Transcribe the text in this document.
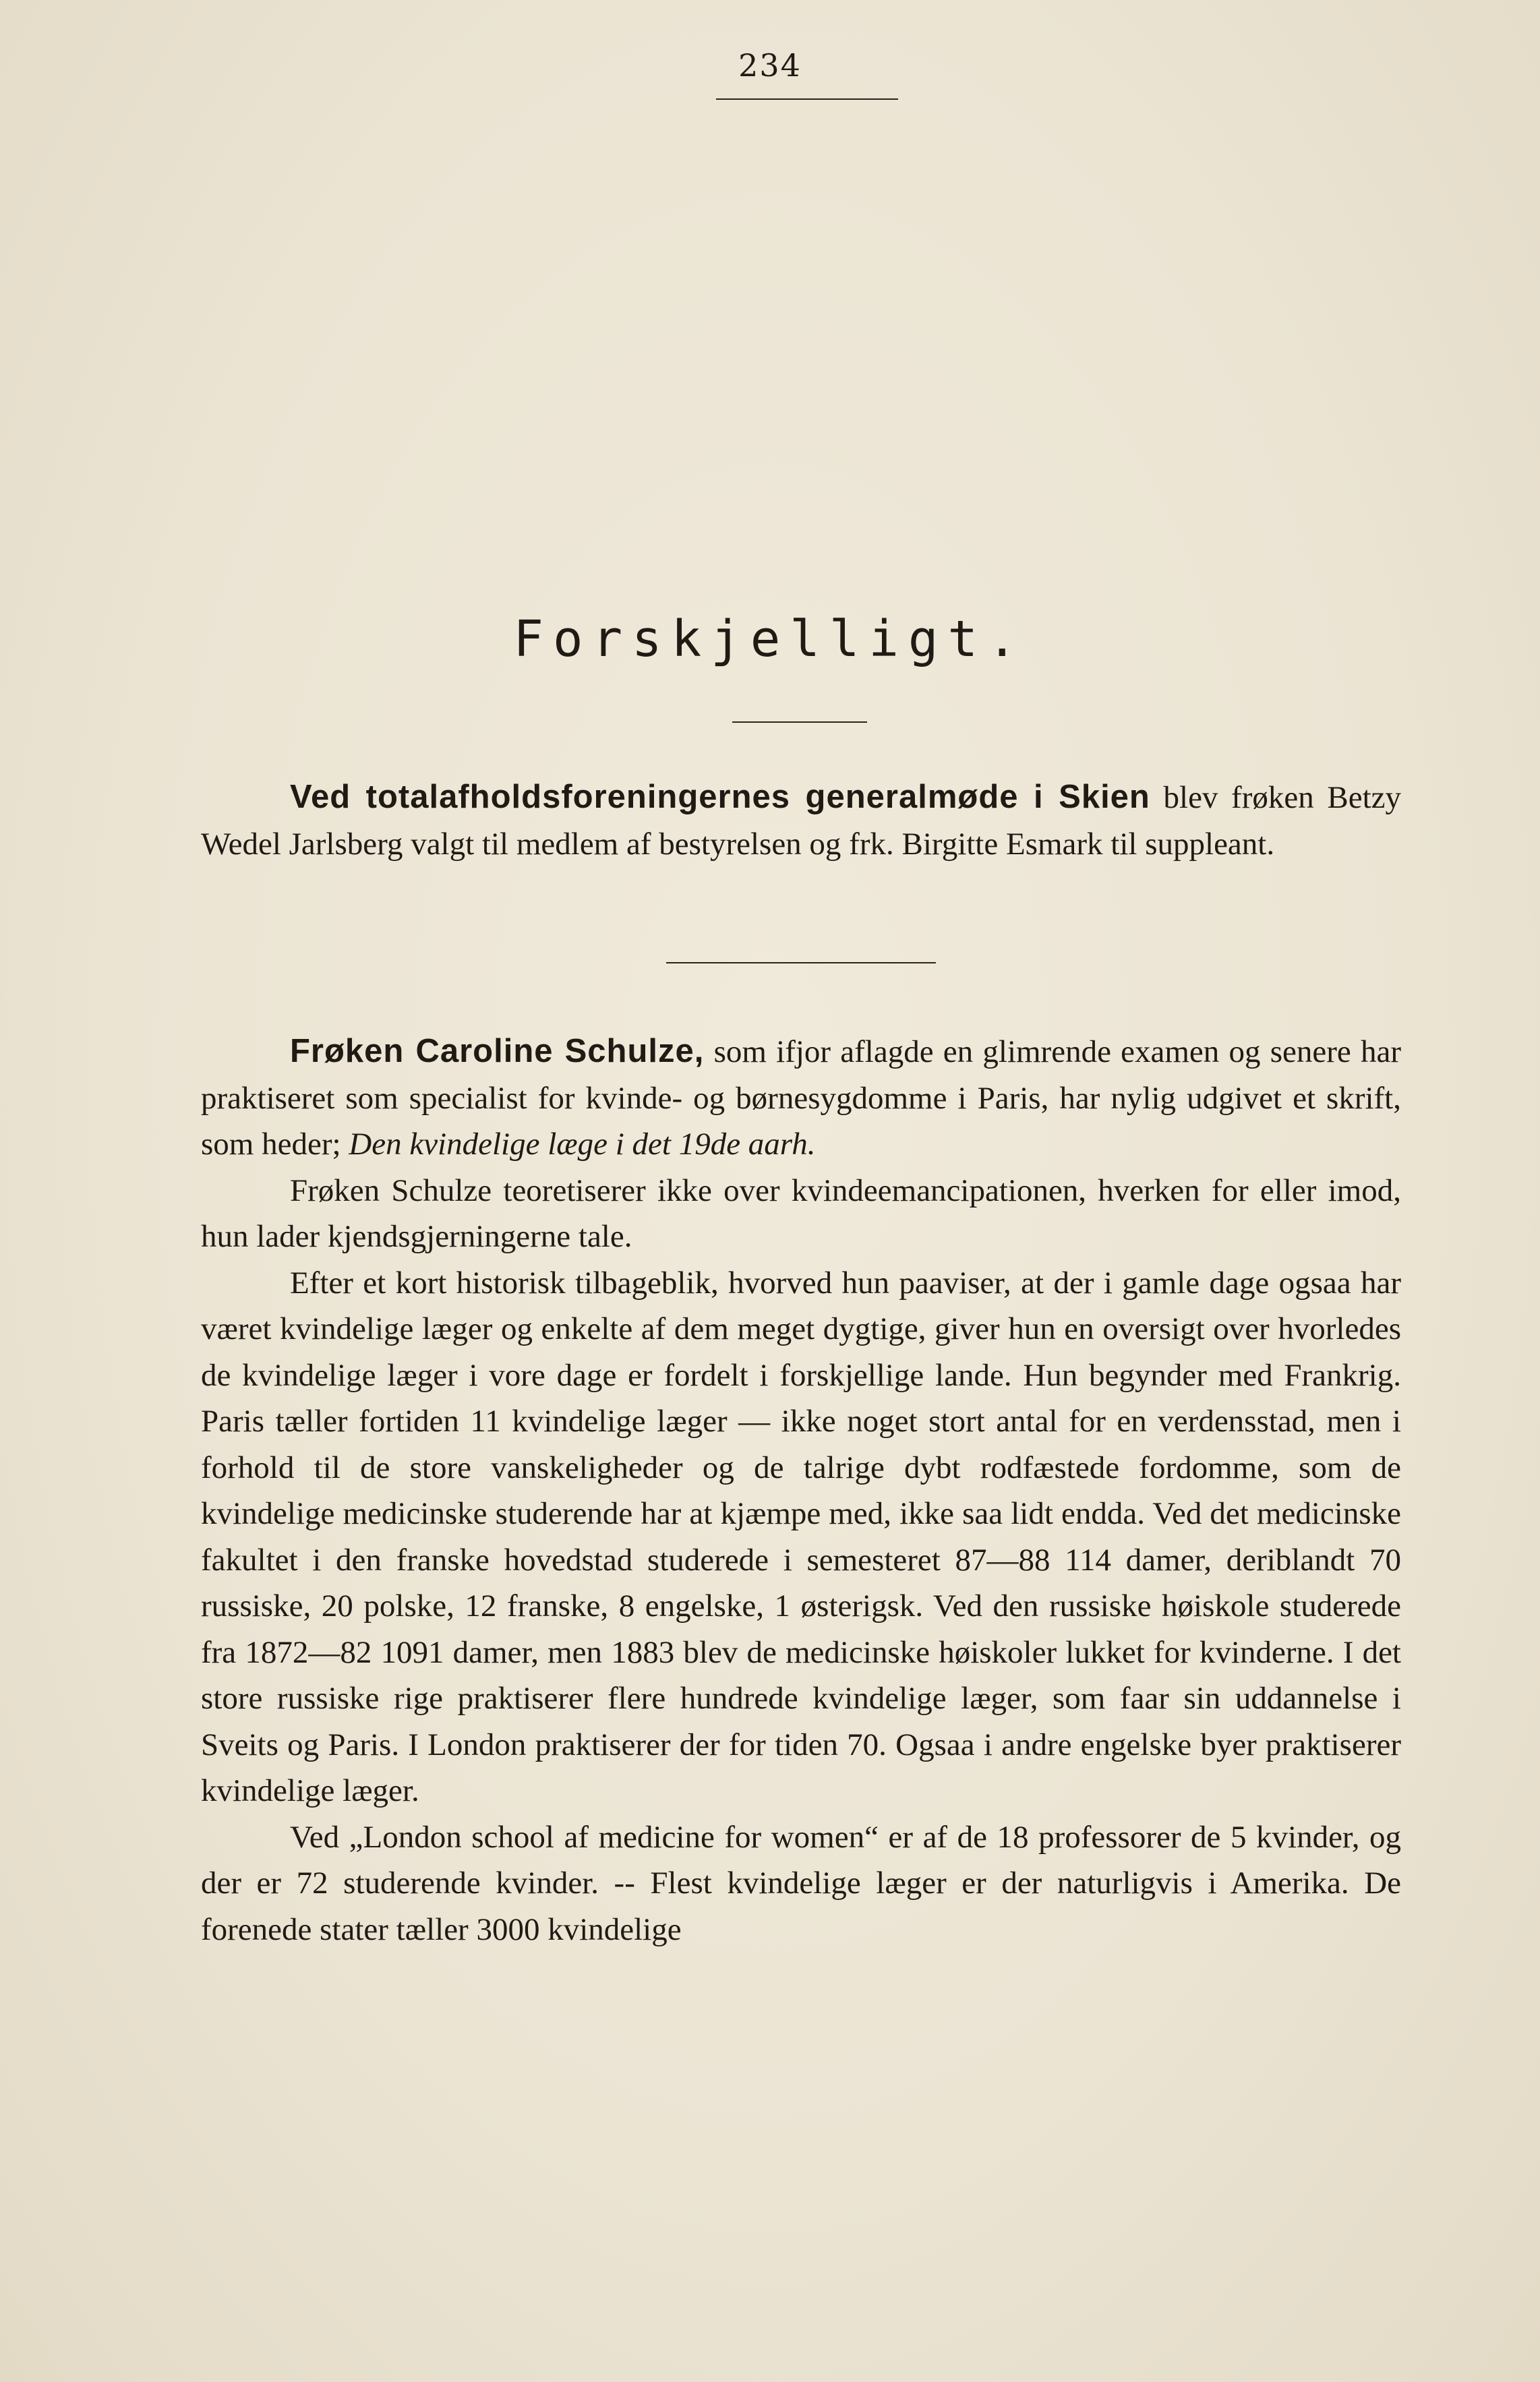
234
Forskjelligt.

Ved totalafholdsforeningernes generalmøde i Skien blev frøken Betzy Wedel Jarlsberg valgt til medlem af bestyrelsen og frk. Birgitte Esmark til suppleant.

Frøken Caroline Schulze, som ifjor aflagde en glimrende examen og senere har praktiseret som specialist for kvinde- og børnesygdomme i Paris, har nylig udgivet et skrift, som heder; Den kvindelige læge i det 19de aarh.

Frøken Schulze teoretiserer ikke over kvindeemancipationen, hverken for eller imod, hun lader kjendsgjerningerne tale.

Efter et kort historisk tilbageblik, hvorved hun paaviser, at der i gamle dage ogsaa har været kvindelige læger og enkelte af dem meget dygtige, giver hun en oversigt over hvorledes de kvindelige læger i vore dage er fordelt i forskjellige lande. Hun begynder med Frankrig. Paris tæller fortiden 11 kvindelige læger — ikke noget stort antal for en verdensstad, men i forhold til de store vanskeligheder og de talrige dybt rodfæstede fordomme, som de kvindelige medicinske studerende har at kjæmpe med, ikke saa lidt endda. Ved det medicinske fakultet i den franske hovedstad studerede i semesteret 87—88 114 damer, deriblandt 70 russiske, 20 polske, 12 franske, 8 engelske, 1 østerigsk. Ved den russiske høiskole studerede fra 1872—82 1091 damer, men 1883 blev de medicinske høiskoler lukket for kvinderne. I det store russiske rige praktiserer flere hundrede kvindelige læger, som faar sin uddannelse i Sveits og Paris. I London praktiserer der for tiden 70. Ogsaa i andre engelske byer praktiserer kvindelige læger.

Ved „London school af medicine for women“ er af de 18 professorer de 5 kvinder, og der er 72 studerende kvinder. -- Flest kvindelige læger er der naturligvis i Amerika. De forenede stater tæller 3000 kvindelige
